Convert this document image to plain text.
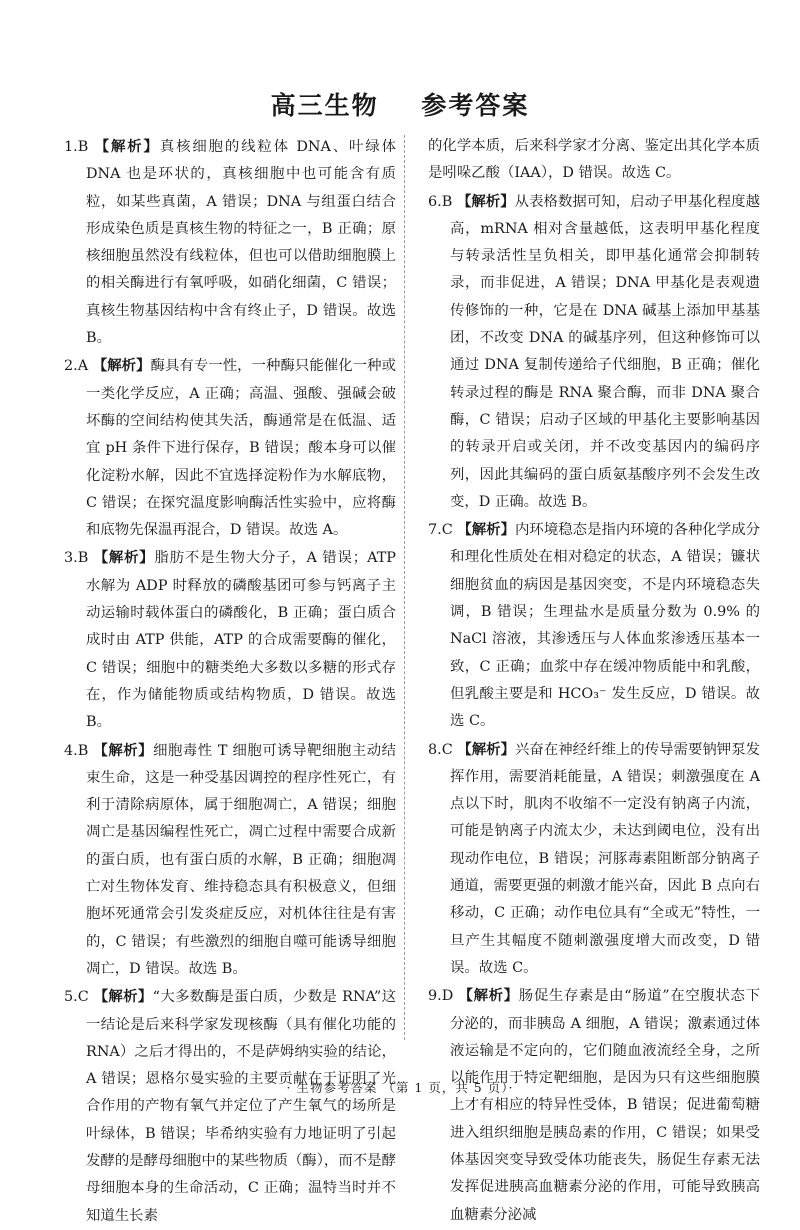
高三生物    参考答案

1.B 【解析】真核细胞的线粒体 DNA、叶绿体 DNA 也是环状的，真核细胞中也可能含有质粒，如某些真菌，A 错误；DNA 与组蛋白结合形成染色质是真核生物的特征之一，B 正确；原核细胞虽然没有线粒体，但也可以借助细胞膜上的相关酶进行有氧呼吸，如硝化细菌，C 错误；真核生物基因结构中含有终止子，D 错误。故选 B。

2.A 【解析】酶具有专一性，一种酶只能催化一种或一类化学反应，A 正确；高温、强酸、强碱会破坏酶的空间结构使其失活，酶通常是在低温、适宜 pH 条件下进行保存，B 错误；酸本身可以催化淀粉水解，因此不宜选择淀粉作为水解底物，C 错误；在探究温度影响酶活性实验中，应将酶和底物先保温再混合，D 错误。故选 A。

3.B 【解析】脂肪不是生物大分子，A 错误；ATP 水解为 ADP 时释放的磷酸基团可参与钙离子主动运输时载体蛋白的磷酸化，B 正确；蛋白质合成时由 ATP 供能，ATP 的合成需要酶的催化，C 错误；细胞中的糖类绝大多数以多糖的形式存在，作为储能物质或结构物质，D 错误。故选 B。

4.B 【解析】细胞毒性 T 细胞可诱导靶细胞主动结束生命，这是一种受基因调控的程序性死亡，有利于清除病原体，属于细胞凋亡，A 错误；细胞凋亡是基因编程性死亡，凋亡过程中需要合成新的蛋白质，也有蛋白质的水解，B 正确；细胞凋亡对生物体发育、维持稳态具有积极意义，但细胞坏死通常会引发炎症反应，对机体往往是有害的，C 错误；有些激烈的细胞自噬可能诱导细胞凋亡，D 错误。故选 B。

5.C 【解析】“大多数酶是蛋白质，少数是 RNA”这一结论是后来科学家发现核酶（具有催化功能的 RNA）之后才得出的，不是萨姆纳实验的结论，A 错误；恩格尔曼实验的主要贡献在于证明了光合作用的产物有氧气并定位了产生氧气的场所是叶绿体，B 错误；毕希纳实验有力地证明了引起发酵的是酵母细胞中的某些物质（酶），而不是酵母细胞本身的生命活动，C 正确；温特当时并不知道生长素

的化学本质，后来科学家才分离、鉴定出其化学本质是吲哚乙酸（IAA），D 错误。故选 C。

6.B 【解析】从表格数据可知，启动子甲基化程度越高，mRNA 相对含量越低，这表明甲基化程度与转录活性呈负相关，即甲基化通常会抑制转录，而非促进，A 错误；DNA 甲基化是表观遗传修饰的一种，它是在 DNA 碱基上添加甲基基团，不改变 DNA 的碱基序列，但这种修饰可以通过 DNA 复制传递给子代细胞，B 正确；催化转录过程的酶是 RNA 聚合酶，而非 DNA 聚合酶，C 错误；启动子区域的甲基化主要影响基因的转录开启或关闭，并不改变基因内的编码序列，因此其编码的蛋白质氨基酸序列不会发生改变，D 正确。故选 B。

7.C 【解析】内环境稳态是指内环境的各种化学成分和理化性质处在相对稳定的状态，A 错误；镰状细胞贫血的病因是基因突变，不是内环境稳态失调，B 错误；生理盐水是质量分数为 0.9% 的 NaCl 溶液，其渗透压与人体血浆渗透压基本一致，C 正确；血浆中存在缓冲物质能中和乳酸，但乳酸主要是和 HCO₃⁻ 发生反应，D 错误。故选 C。

8.C 【解析】兴奋在神经纤维上的传导需要钠钾泵发挥作用，需要消耗能量，A 错误；刺激强度在 A 点以下时，肌肉不收缩不一定没有钠离子内流，可能是钠离子内流太少，未达到阈电位，没有出现动作电位，B 错误；河豚毒素阻断部分钠离子通道，需要更强的刺激才能兴奋，因此 B 点向右移动，C 正确；动作电位具有“全或无”特性，一旦产生其幅度不随刺激强度增大而改变，D 错误。故选 C。

9.D 【解析】肠促生存素是由“肠道”在空腹状态下分泌的，而非胰岛 A 细胞，A 错误；激素通过体液运输是不定向的，它们随血液流经全身，之所以能作用于特定靶细胞，是因为只有这些细胞膜上才有相应的特异性受体，B 错误；促进葡萄糖进入组织细胞是胰岛素的作用，C 错误；如果受体基因突变导致受体功能丧失，肠促生存素无法发挥促进胰高血糖素分泌的作用，可能导致胰高血糖素分泌减

· 生物参考答案 （第 1 页，共 5 页）·
